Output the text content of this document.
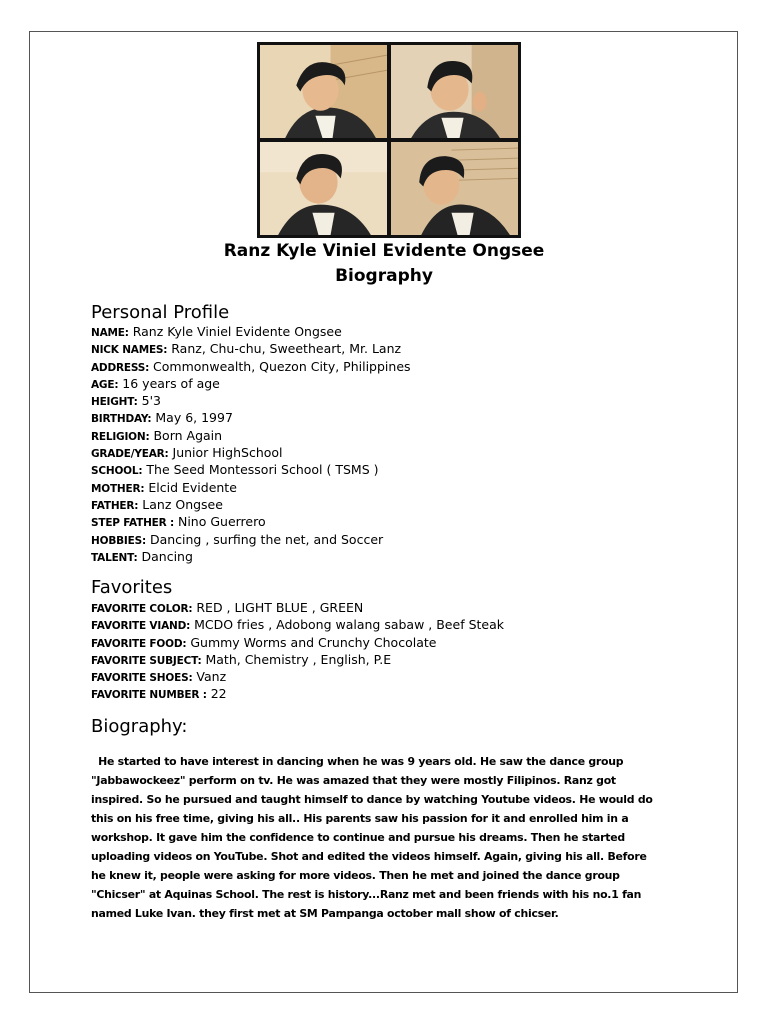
Ranz Kyle Viniel Evidente Ongsee
Biography
Personal Profile
NAME: Ranz Kyle Viniel Evidente Ongsee
NICK NAMES: Ranz, Chu-chu, Sweetheart, Mr. Lanz
ADDRESS: Commonwealth, Quezon City, Philippines
AGE: 16 years of age
HEIGHT: 5'3
BIRTHDAY: May 6, 1997
RELIGION: Born Again
GRADE/YEAR: Junior HighSchool
SCHOOL: The Seed Montessori School ( TSMS )
MOTHER: Elcid Evidente
FATHER: Lanz Ongsee
STEP FATHER : Nino Guerrero
HOBBIES: Dancing , surfing the net, and Soccer
TALENT: Dancing
Favorites
FAVORITE COLOR: RED , LIGHT BLUE , GREEN
FAVORITE VIAND: MCDO fries , Adobong walang sabaw , Beef Steak
FAVORITE FOOD: Gummy Worms and Crunchy Chocolate
FAVORITE SUBJECT: Math, Chemistry , English, P.E
FAVORITE SHOES: Vanz
FAVORITE NUMBER : 22
Biography:
He started to have interest in dancing when he was 9 years old. He saw the dance group
"Jabbawockeez" perform on tv. He was amazed that they were mostly Filipinos. Ranz got
inspired. So he pursued and taught himself to dance by watching Youtube videos. He would do
this on his free time, giving his all.. His parents saw his passion for it and enrolled him in a
workshop. It gave him the confidence to continue and pursue his dreams. Then he started
uploading videos on YouTube. Shot and edited the videos himself. Again, giving his all. Before
he knew it, people were asking for more videos. Then he met and joined the dance group
"Chicser" at Aquinas School. The rest is history...Ranz met and been friends with his no.1 fan
named Luke Ivan. they first met at SM Pampanga october mall show of chicser.
